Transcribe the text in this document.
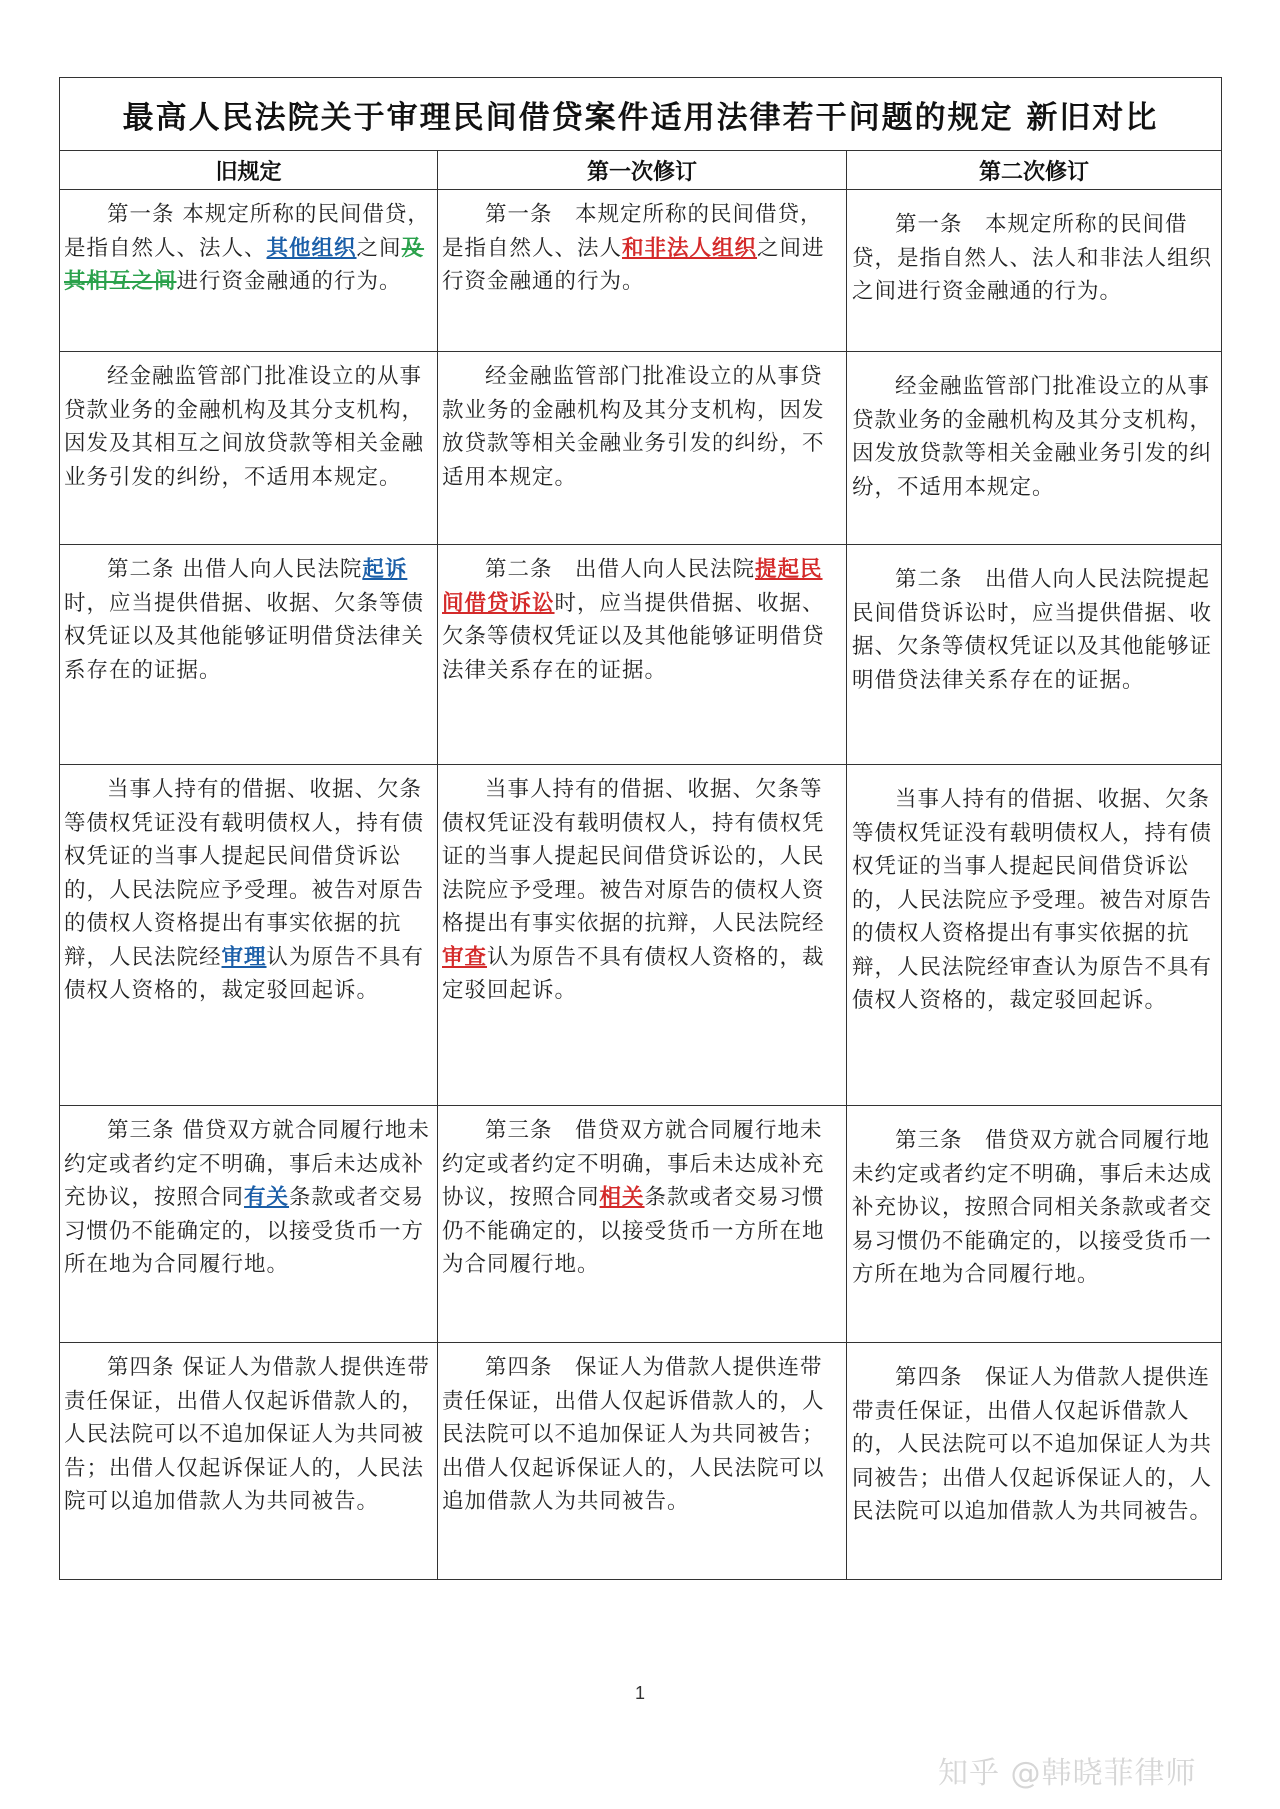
最高人民法院关于审理民间借贷案件适用法律若干问题的规定 新旧对比		
旧规定	第一次修订	第二次修订

第一条 本规定所称的民间借贷，是指自然人、法人、其他组织之间及其相互之间进行资金融通的行为。	第一条　本规定所称的民间借贷，是指自然人、法人和非法人组织之间进行资金融通的行为。	第一条　本规定所称的民间借贷，是指自然人、法人和非法人组织之间进行资金融通的行为。

经金融监管部门批准设立的从事贷款业务的金融机构及其分支机构，因发及其相互之间放贷款等相关金融业务引发的纠纷，不适用本规定。	经金融监管部门批准设立的从事贷款业务的金融机构及其分支机构，因发放贷款等相关金融业务引发的纠纷，不适用本规定。	经金融监管部门批准设立的从事贷款业务的金融机构及其分支机构，因发放贷款等相关金融业务引发的纠纷，不适用本规定。

第二条 出借人向人民法院起诉时，应当提供借据、收据、欠条等债权凭证以及其他能够证明借贷法律关系存在的证据。	第二条　出借人向人民法院提起民间借贷诉讼时，应当提供借据、收据、欠条等债权凭证以及其他能够证明借贷法律关系存在的证据。	第二条　出借人向人民法院提起民间借贷诉讼时，应当提供借据、收据、欠条等债权凭证以及其他能够证明借贷法律关系存在的证据。

当事人持有的借据、收据、欠条等债权凭证没有载明债权人，持有债权凭证的当事人提起民间借贷诉讼的，人民法院应予受理。被告对原告的债权人资格提出有事实依据的抗辩，人民法院经审理认为原告不具有债权人资格的，裁定驳回起诉。	当事人持有的借据、收据、欠条等债权凭证没有载明债权人，持有债权凭证的当事人提起民间借贷诉讼的，人民法院应予受理。被告对原告的债权人资格提出有事实依据的抗辩，人民法院经审查认为原告不具有债权人资格的，裁定驳回起诉。	当事人持有的借据、收据、欠条等债权凭证没有载明债权人，持有债权凭证的当事人提起民间借贷诉讼的，人民法院应予受理。被告对原告的债权人资格提出有事实依据的抗辩，人民法院经审查认为原告不具有债权人资格的，裁定驳回起诉。

第三条 借贷双方就合同履行地未约定或者约定不明确，事后未达成补充协议，按照合同有关条款或者交易习惯仍不能确定的，以接受货币一方所在地为合同履行地。	第三条　借贷双方就合同履行地未约定或者约定不明确，事后未达成补充协议，按照合同相关条款或者交易习惯仍不能确定的，以接受货币一方所在地为合同履行地。	第三条　借贷双方就合同履行地未约定或者约定不明确，事后未达成补充协议，按照合同相关条款或者交易习惯仍不能确定的，以接受货币一方所在地为合同履行地。

第四条 保证人为借款人提供连带责任保证，出借人仅起诉借款人的，人民法院可以不追加保证人为共同被告；出借人仅起诉保证人的，人民法院可以追加借款人为共同被告。	第四条　保证人为借款人提供连带责任保证，出借人仅起诉借款人的，人民法院可以不追加保证人为共同被告；出借人仅起诉保证人的，人民法院可以追加借款人为共同被告。	第四条　保证人为借款人提供连带责任保证，出借人仅起诉借款人的，人民法院可以不追加保证人为共同被告；出借人仅起诉保证人的，人民法院可以追加借款人为共同被告。

1
知乎 @韩晓菲律师
